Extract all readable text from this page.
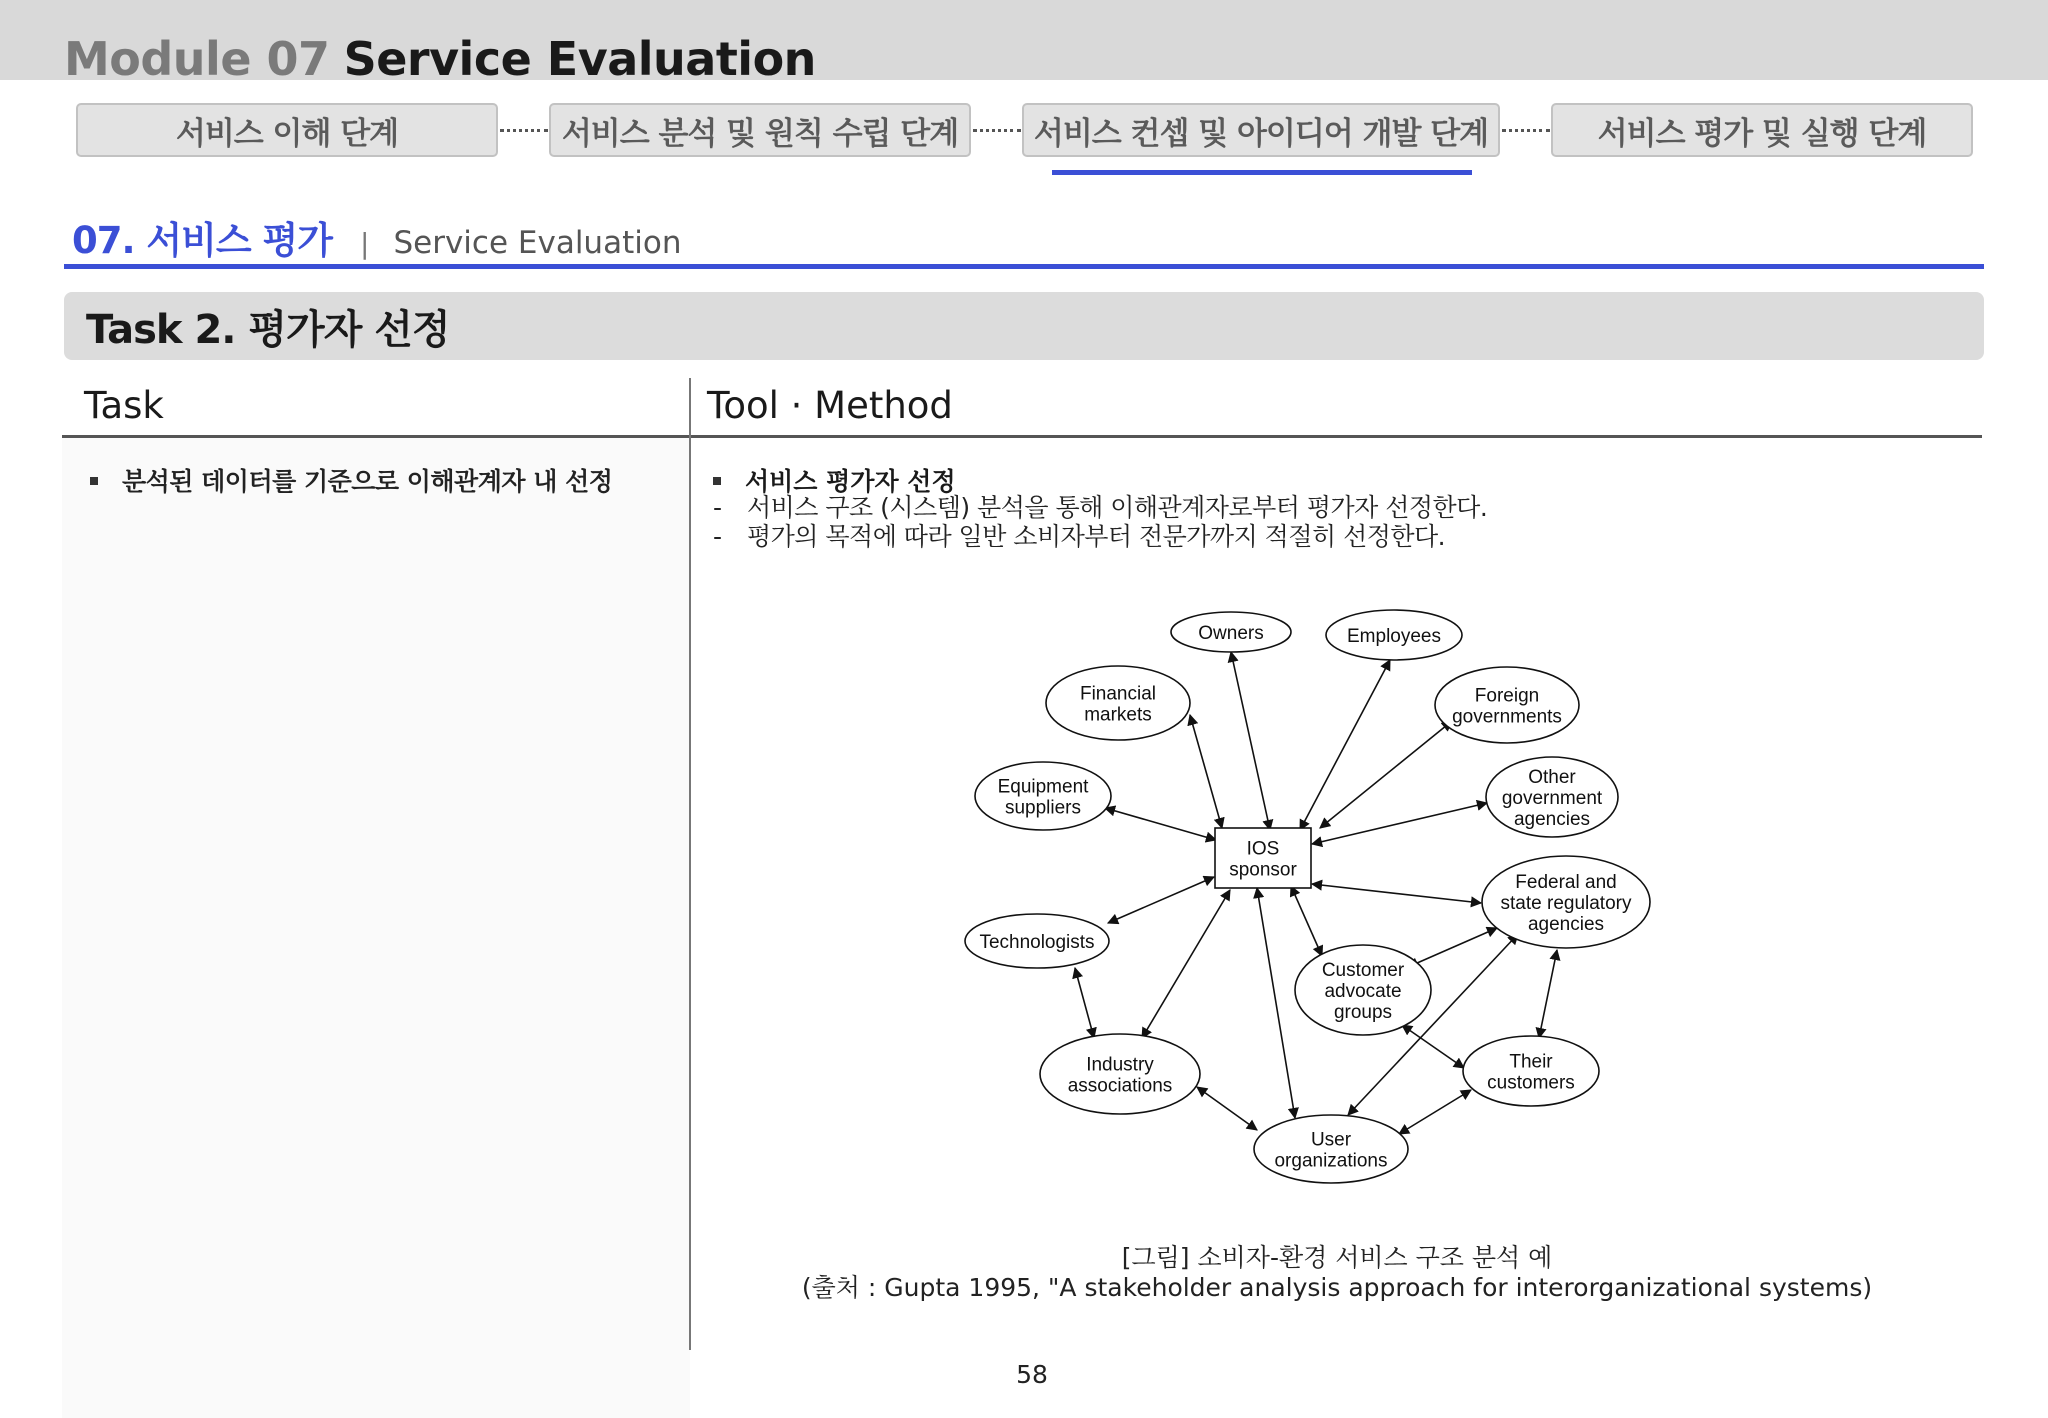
Module 07 Service Evaluation
서비스 이해 단계	서비스 분석 및 원칙 수립 단계 서비스 컨셉 및 아이디어 개발 단계	서비스 평가 및 실행 단계
07. 서비스 평가 | Service Evaluation
Task 2. 평가자 선정
Task	Tool · Method
분석된 데이터를 기준으로 이해관계자 내 선정	서비스 평가자 선정
- 서비스 구조 (시스템) 분석을 통해 이해관계자로부터 평가자 선정한다.
- 평가의 목적에 따라 일반 소비자부터 전문가까지 적절히 선정한다.
IOS
sponsor
Owners	Employees
Financial
markets
Foreign
governments
Equipment
suppliers
Other
government
agencies
Federal and
state regulatory
agencies
Technologists
Customer
advocate
groups
Industry
associations
Their
customers
User
organizations
[그림] 소비자-환경 서비스 구조 분석 예
(출처 : Gupta 1995, "A stakeholder analysis approach for interorganizational systems)
58
